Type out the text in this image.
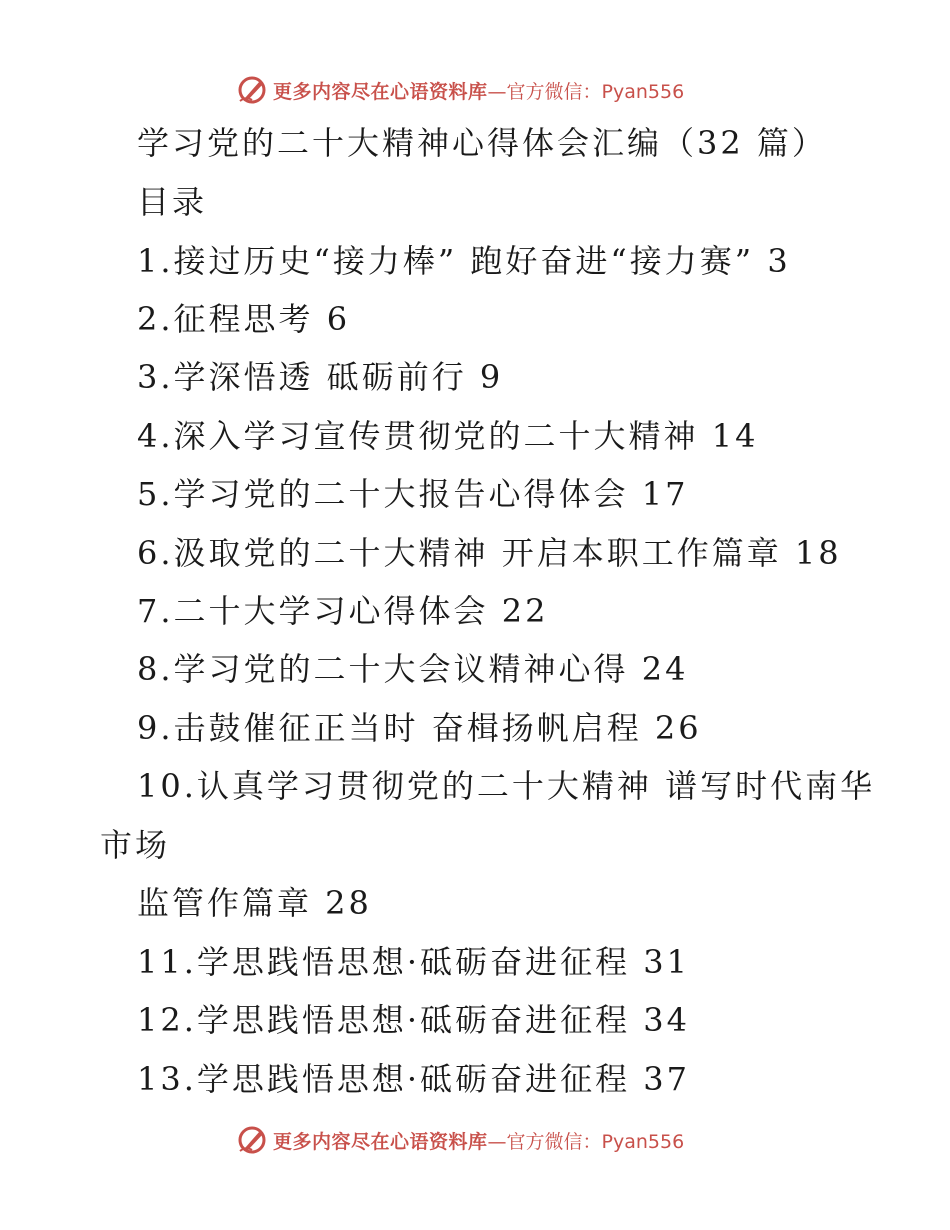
更多内容尽在心语资料库 —官方微信：Pyan556
学习党的二十大精神心得体会汇编（32 篇）
目录
1.接过历史“接力棒” 跑好奋进“接力赛” 3
2.征程思考 6
3.学深悟透 砥砺前行 9
4.深入学习宣传贯彻党的二十大精神 14
5.学习党的二十大报告心得体会 17
6.汲取党的二十大精神 开启本职工作篇章 18
7.二十大学习心得体会 22
8.学习党的二十大会议精神心得 24
9.击鼓催征正当时 奋楫扬帆启程 26
10.认真学习贯彻党的二十大精神 谱写时代南华
市场
监管作篇章 28
11.学思践悟思想·砥砺奋进征程 31
12.学思践悟思想·砥砺奋进征程 34
13.学思践悟思想·砥砺奋进征程 37
更多内容尽在心语资料库 —官方微信：Pyan556
